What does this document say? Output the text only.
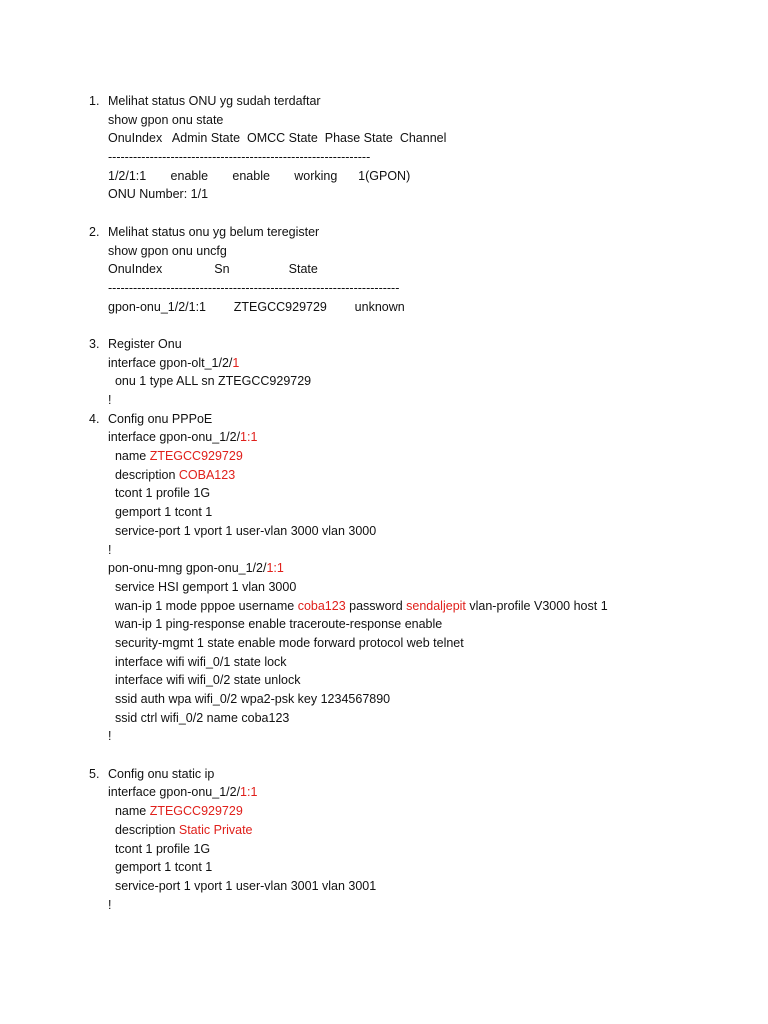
1. Melihat status ONU yg sudah terdaftar
show gpon onu state
OnuIndex   Admin State  OMCC State  Phase State  Channel
---------------------------------------------------------------
1/2/1:1       enable       enable       working      1(GPON)
ONU Number: 1/1
2. Melihat status onu yg belum teregister
show gpon onu uncfg
OnuIndex               Sn                 State
----------------------------------------------------------------------
gpon-onu_1/2/1:1        ZTEGCC929729        unknown
3. Register Onu
interface gpon-olt_1/2/1
onu 1 type ALL sn ZTEGCC929729
!
4. Config onu PPPoE
interface gpon-onu_1/2/1:1
name ZTEGCC929729
description COBA123
tcont 1 profile 1G
gemport 1 tcont 1
service-port 1 vport 1 user-vlan 3000 vlan 3000
!
pon-onu-mng gpon-onu_1/2/1:1
service HSI gemport 1 vlan 3000
wan-ip 1 mode pppoe username coba123 password sendaljepit vlan-profile V3000 host 1
wan-ip 1 ping-response enable traceroute-response enable
security-mgmt 1 state enable mode forward protocol web telnet
interface wifi wifi_0/1 state lock
interface wifi wifi_0/2 state unlock
ssid auth wpa wifi_0/2 wpa2-psk key 1234567890
ssid ctrl wifi_0/2 name coba123
!
5. Config onu static ip
interface gpon-onu_1/2/1:1
name ZTEGCC929729
description Static Private
tcont 1 profile 1G
gemport 1 tcont 1
service-port 1 vport 1 user-vlan 3001 vlan 3001
!
